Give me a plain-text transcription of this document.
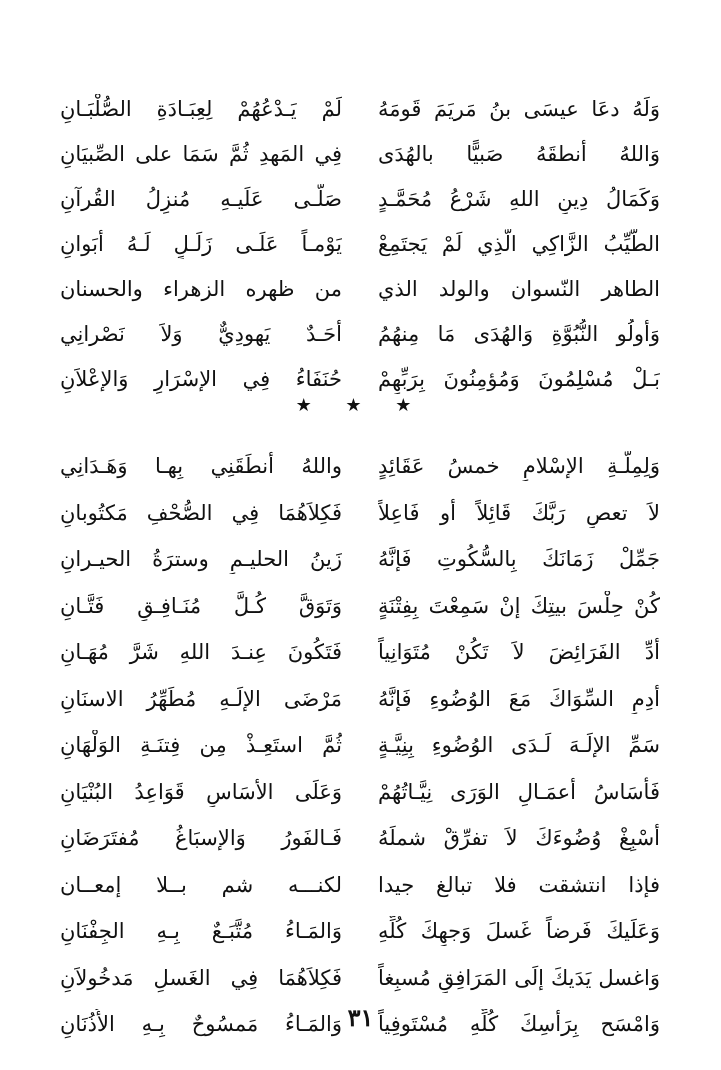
وَلَهُ دعَا عيسَى بنُ مَريَمَ قَومَهُ
لَمْ يَـدْعُهُمْ لِعِبَـادَةِ الصُّلْبَـانِ
وَاللهُ أنطقَهُ صَبيًّا بالهُدَى
فِي المَهدِ ثُمَّ سَمَا على الصِّبيَانِ
وَكَمَالُ دِينِ اللهِ شَرْعُ مُحَمَّـدٍ
صَلَّـى عَلَيـهِ مُنزِلُ القُرآنِ
الطَّيِّبُ الزَّاكِي الَّذِي لَمْ يَجتَمِعْ
يَوْمـاً عَلَـى زَلَـلٍ لَـهُ أبَوانِ
الطاهر النّسوان والولد الذي
من ظهره الزهراء والحسنان
وَأولُو النُّبُوَّةِ وَالهُدَى مَا مِنهُمُ
أحَـدٌ يَهودِيٌّ وَلاَ نَصْرانِي
بَـلْ مُسْلِمُونَ وَمُؤمِنُونَ بِرَبِّهِمْ
حُنَفَاءُ فِي الإسْرَارِ وَالإعْلاَنِ
★ ★ ★
وَلِمِلَّـةِ الإسْلامِ خمسُ عَقَائِدٍ
واللهُ أنطَقَنِي بِهـا وَهَـدَانِي
لاَ تعصِ رَبَّكَ قَائِلاً أو فَاعِلاً
فَكِلاَهُمَا فِي الصُّحْفِ مَكتُوبانِ
جَمِّلْ زَمَانَكَ بِالسُّكُوتِ فَإنَّهُ
زَينُ الحليـمِ وسترَةُ الحيـرانِ
كُنْ حِلْسَ بيتِكَ إنْ سَمِعْتَ بِفِتْنَةٍ
وَتَوَقَّ كُـلَّ مُنَـافِـقٍ فَتَّـانِ
أدِّ الفَرَائِضَ لاَ تَكُنْ مُتَوَانِياً
فَتَكُونَ عِنـدَ اللهِ شَرَّ مُهَـانِ
أدِمِ السِّوَاكَ مَعَ الوُضُوءِ فَإنَّهُ
مَرْضَى الإلَـهِ مُطَهِّرُ الاسنَانِ
سَمِّ الإلَـهَ لَـدَى الوُضُوءِ بِنِيَّـةٍ
ثُمَّ استَعِـذْ مِن فِتنَـةِ الوَلْهَانِ
فَأسَاسُ أعمَـالِ الوَرَى نِيَّـاتُهُمْ
وَعَلَى الأسَاسِ قَوَاعِدُ البُنْيَانِ
أسْبِغْ وُضُوءَكَ لاَ تفرِّقْ شملَهُ
فَـالفَورُ وَالإسبَاغُ مُفتَرَضَانِ
فإذا انتشقت فلا تبالغ جيدا
لكنـــه شم بــلا إمعــان
وَعَلَيكَ فَرضاً غَسلَ وَجهِكَ كُلِّهِ
وَالمَـاءُ مُتَّبَـعٌ بِـهِ الجِفْنَانِ
وَاغسل يَدَيكَ إلَى المَرَافِقِ مُسبِغاً
فَكِلاَهُمَا فِي الغَسلِ مَدخُولاَنِ
وَامْسَح بِرَأسِكَ كُلِّهِ مُسْتَوفِياً
وَالمَـاءُ مَمسُوحٌ بِـهِ الأُذُنَانِ ٣١
